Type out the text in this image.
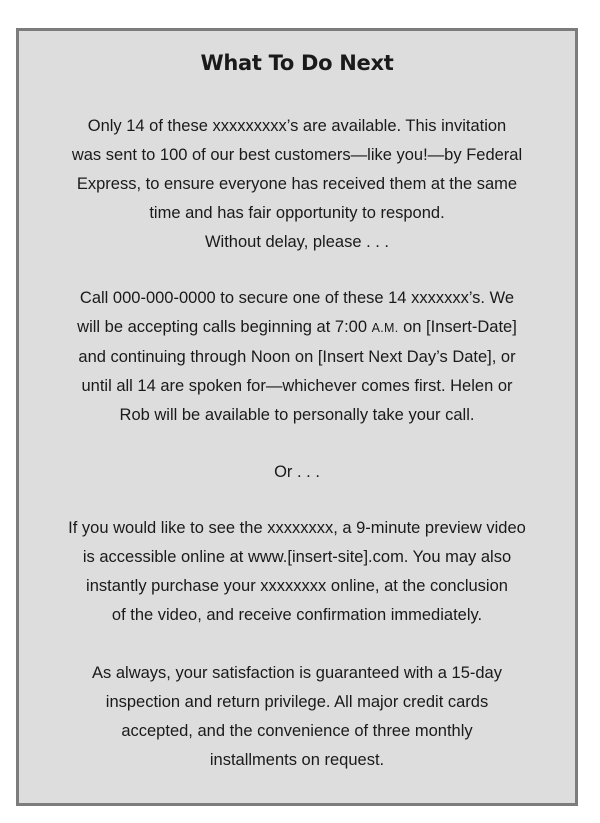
What To Do Next
Only 14 of these xxxxxxxxx’s are available. This invitation
was sent to 100 of our best customers—like you!—by Federal
Express, to ensure everyone has received them at the same
time and has fair opportunity to respond.
Without delay, please . . .
Call 000-000-0000 to secure one of these 14 xxxxxxx’s. We
will be accepting calls beginning at 7:00 A.M. on [Insert-Date]
and continuing through Noon on [Insert Next Day’s Date], or
until all 14 are spoken for—whichever comes first. Helen or
Rob will be available to personally take your call.
Or . . .
If you would like to see the xxxxxxxx, a 9-minute preview video
is accessible online at www.[insert-site].com. You may also
instantly purchase your xxxxxxxx online, at the conclusion
of the video, and receive confirmation immediately.
As always, your satisfaction is guaranteed with a 15-day
inspection and return privilege. All major credit cards
accepted, and the convenience of three monthly
installments on request.
